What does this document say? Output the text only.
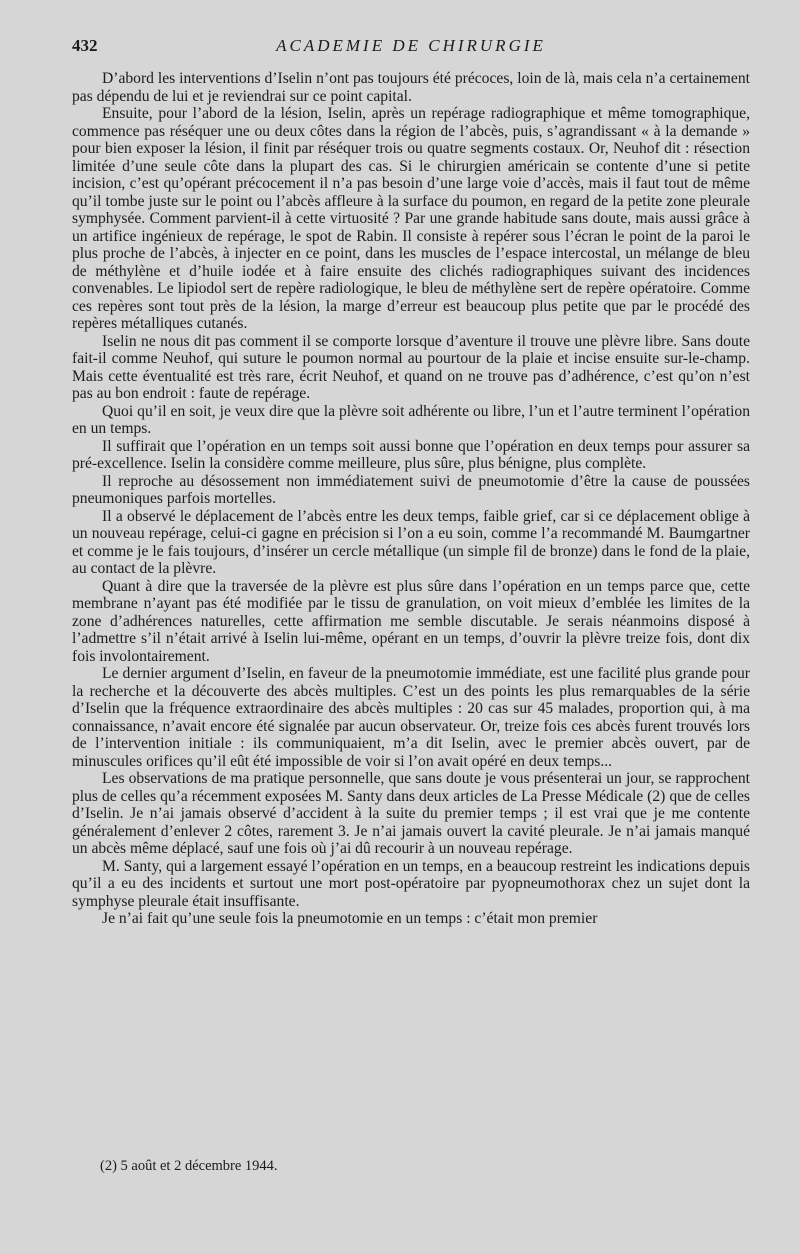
432	ACADEMIE DE CHIRURGIE

D’abord les interventions d’Iselin n’ont pas toujours été précoces, loin de là, mais cela n’a certainement pas dépendu de lui et je reviendrai sur ce point capital.

Ensuite, pour l’abord de la lésion, Iselin, après un repérage radiographique et même tomographique, commence pas réséquer une ou deux côtes dans la région de l’abcès, puis, s’agrandissant « à la demande » pour bien exposer la lésion, il finit par réséquer trois ou quatre segments costaux. Or, Neuhof dit : résection limitée d’une seule côte dans la plupart des cas. Si le chirurgien américain se contente d’une si petite incision, c’est qu’opérant précocement il n’a pas besoin d’une large voie d’accès, mais il faut tout de même qu’il tombe juste sur le point ou l’abcès affleure à la surface du poumon, en regard de la petite zone pleurale symphysée. Comment parvient-il à cette virtuosité ? Par une grande habitude sans doute, mais aussi grâce à un artifice ingénieux de repérage, le spot de Rabin. Il consiste à repérer sous l’écran le point de la paroi le plus proche de l’abcès, à injecter en ce point, dans les muscles de l’espace intercostal, un mélange de bleu de méthylène et d’huile iodée et à faire ensuite des clichés radiographiques suivant des incidences convenables. Le lipiodol sert de repère radiologique, le bleu de méthylène sert de repère opératoire. Comme ces repères sont tout près de la lésion, la marge d’erreur est beaucoup plus petite que par le procédé des repères métalliques cutanés.

Iselin ne nous dit pas comment il se comporte lorsque d’aventure il trouve une plèvre libre. Sans doute fait-il comme Neuhof, qui suture le poumon normal au pourtour de la plaie et incise ensuite sur-le-champ. Mais cette éventualité est très rare, écrit Neuhof, et quand on ne trouve pas d’adhérence, c’est qu’on n’est pas au bon endroit : faute de repérage.

Quoi qu’il en soit, je veux dire que la plèvre soit adhérente ou libre, l’un et l’autre terminent l’opération en un temps.

Il suffirait que l’opération en un temps soit aussi bonne que l’opération en deux temps pour assurer sa pré-excellence. Iselin la considère comme meilleure, plus sûre, plus bénigne, plus complète.

Il reproche au désossement non immédiatement suivi de pneumotomie d’être la cause de poussées pneumoniques parfois mortelles.

Il a observé le déplacement de l’abcès entre les deux temps, faible grief, car si ce déplacement oblige à un nouveau repérage, celui-ci gagne en précision si l’on a eu soin, comme l’a recommandé M. Baumgartner et comme je le fais toujours, d’insérer un cercle métallique (un simple fil de bronze) dans le fond de la plaie, au contact de la plèvre.

Quant à dire que la traversée de la plèvre est plus sûre dans l’opération en un temps parce que, cette membrane n’ayant pas été modifiée par le tissu de granulation, on voit mieux d’emblée les limites de la zone d’adhérences naturelles, cette affirmation me semble discutable. Je serais néanmoins disposé à l’admettre s’il n’était arrivé à Iselin lui-même, opérant en un temps, d’ouvrir la plèvre treize fois, dont dix fois involontairement.

Le dernier argument d’Iselin, en faveur de la pneumotomie immédiate, est une facilité plus grande pour la recherche et la découverte des abcès multiples. C’est un des points les plus remarquables de la série d’Iselin que la fréquence extraordinaire des abcès multiples : 20 cas sur 45 malades, proportion qui, à ma connaissance, n’avait encore été signalée par aucun observateur. Or, treize fois ces abcès furent trouvés lors de l’intervention initiale : ils communiquaient, m’a dit Iselin, avec le premier abcès ouvert, par de minuscules orifices qu’il eût été impossible de voir si l’on avait opéré en deux temps...

Les observations de ma pratique personnelle, que sans doute je vous présenterai un jour, se rapprochent plus de celles qu’a récemment exposées M. Santy dans deux articles de La Presse Médicale (2) que de celles d’Iselin. Je n’ai jamais observé d’accident à la suite du premier temps ; il est vrai que je me contente généralement d’enlever 2 côtes, rarement 3. Je n’ai jamais ouvert la cavité pleurale. Je n’ai jamais manqué un abcès même déplacé, sauf une fois où j’ai dû recourir à un nouveau repérage.

M. Santy, qui a largement essayé l’opération en un temps, en a beaucoup restreint les indications depuis qu’il a eu des incidents et surtout une mort post-opératoire par pyopneumothorax chez un sujet dont la symphyse pleurale était insuffisante.

Je n’ai fait qu’une seule fois la pneumotomie en un temps : c’était mon premier

(2) 5 août et 2 décembre 1944.
